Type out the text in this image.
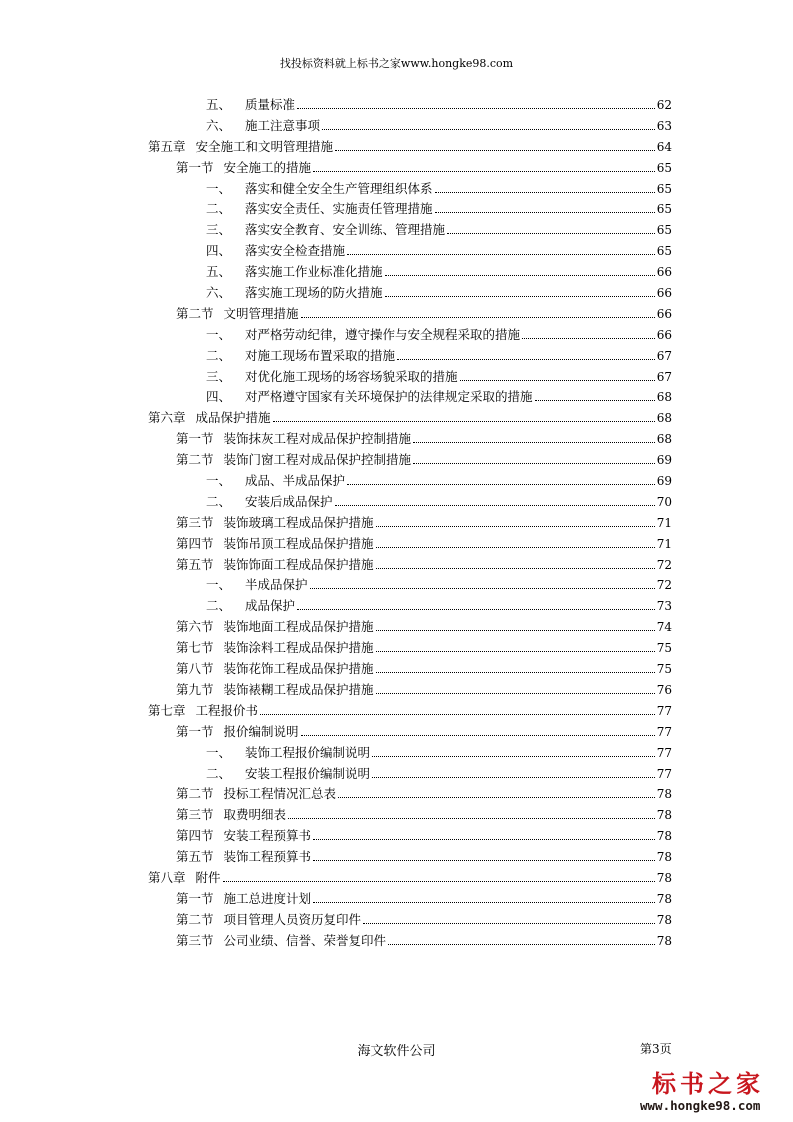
找投标资料就上标书之家www.hongke98.com
五、 质量标准	62
六、 施工注意事项	63
第五章 安全施工和文明管理措施	64
第一节 安全施工的措施	65
一、 落实和健全安全生产管理组织体系	65
二、 落实安全责任、实施责任管理措施	65
三、 落实安全教育、安全训练、管理措施	65
四、 落实安全检查措施	65
五、 落实施工作业标准化措施	66
六、 落实施工现场的防火措施	66
第二节 文明管理措施	66
一、 对严格劳动纪律，遵守操作与安全规程采取的措施	66
二、 对施工现场布置采取的措施	67
三、 对优化施工现场的场容场貌采取的措施	67
四、 对严格遵守国家有关环境保护的法律规定采取的措施	68
第六章 成品保护措施	68
第一节 装饰抹灰工程对成品保护控制措施	68
第二节 装饰门窗工程对成品保护控制措施	69
一、 成品、半成品保护	69
二、 安装后成品保护	70
第三节 装饰玻璃工程成品保护措施	71
第四节 装饰吊顶工程成品保护措施	71
第五节 装饰饰面工程成品保护措施	72
一、 半成品保护	72
二、 成品保护	73
第六节 装饰地面工程成品保护措施	74
第七节 装饰涂料工程成品保护措施	75
第八节 装饰花饰工程成品保护措施	75
第九节 装饰裱糊工程成品保护措施	76
第七章 工程报价书	77
第一节 报价编制说明	77
一、 装饰工程报价编制说明	77
二、 安装工程报价编制说明	77
第二节 投标工程情况汇总表	78
第三节 取费明细表	78
第四节 安装工程预算书	78
第五节 装饰工程预算书	78
第八章 附件	78
第一节 施工总进度计划	78
第二节 项目管理人员资历复印件	78
第三节 公司业绩、信誉、荣誉复印件	78
海文软件公司	第3页
标书之家
www.hongke98.com
